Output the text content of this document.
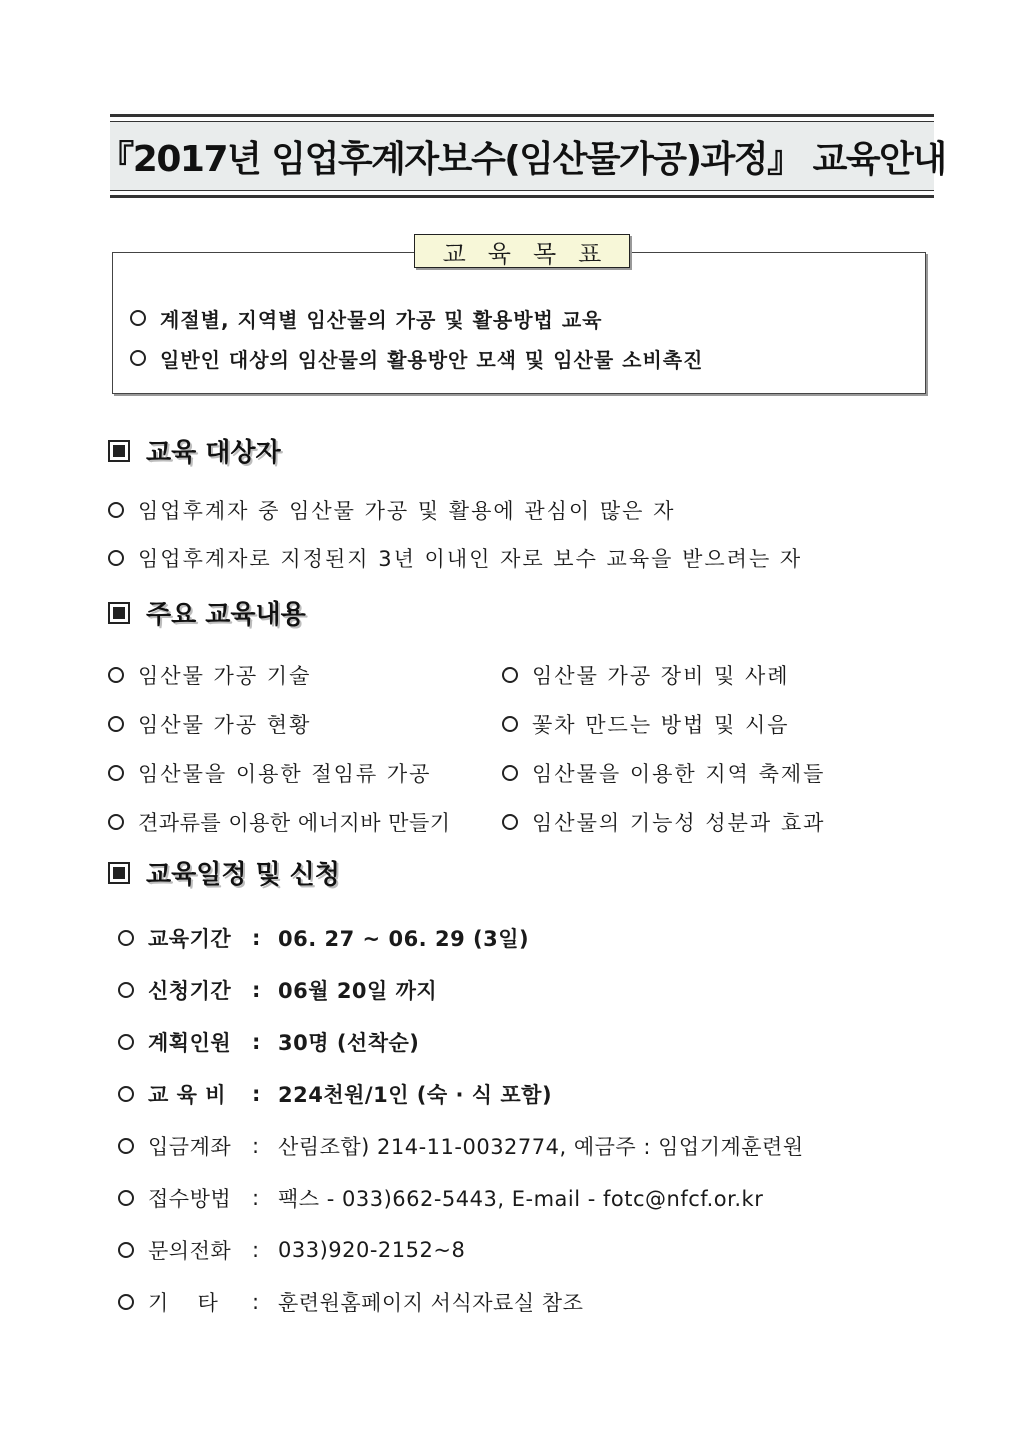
『2017년 임업후계자보수(임산물가공)과정』 교육안내
교육목표
계절별, 지역별 임산물의 가공 및 활용방법 교육
일반인 대상의 임산물의 활용방안 모색 및 임산물 소비촉진
교육 대상자
임업후계자 중 임산물 가공 및 활용에 관심이 많은 자
임업후계자로 지정된지 3년 이내인 자로 보수 교육을 받으려는 자
주요 교육내용
임산물 가공 기술	임산물 가공 장비 및 사례
임산물 가공 현황	꽃차 만드는 방법 및 시음
임산물을 이용한 절임류 가공	임산물을 이용한 지역 축제들
견과류를 이용한 에너지바 만들기	임산물의 기능성 성분과 효과
교육일정 및 신청
교육기간 : 06. 27 ~ 06. 29 (3일)
신청기간 : 06월 20일 까지
계획인원 : 30명 (선착순)
교 육 비	: 224천원/1인 (숙 · 식 포함)
입금계좌 : 산림조합) 214-11-0032774, 예금주 : 임업기계훈련원
접수방법 : 팩스 - 033)662-5443, E-mail - fotc@nfcf.or.kr
문의전화 : 033)920-2152~8
기    타	: 훈련원홈페이지 서식자료실 참조
